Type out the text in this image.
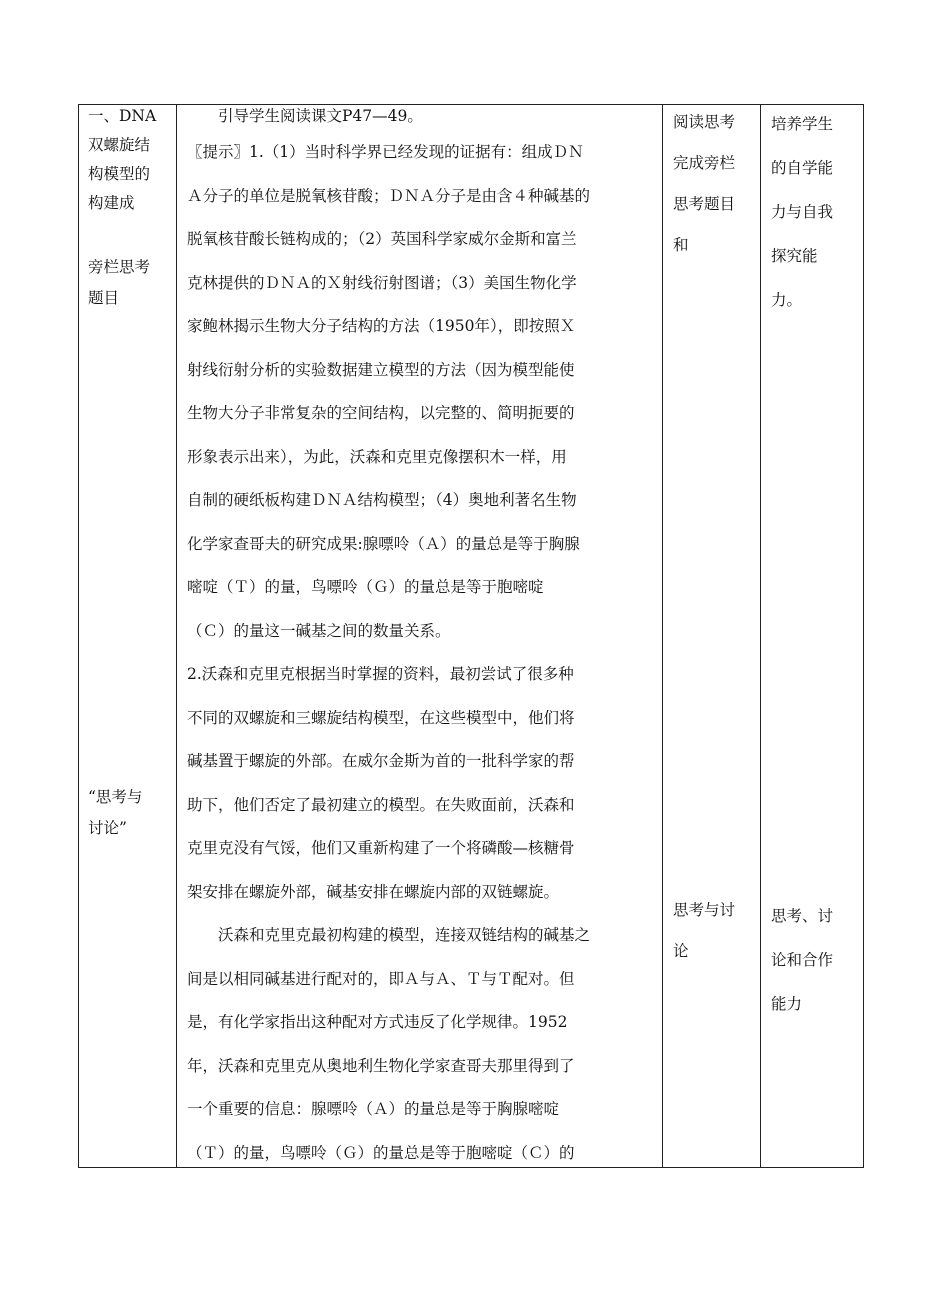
一、DNA

双螺旋结

构模型的

构建成

旁栏思考

题目

“思考与

讨论”

引导学生阅读课文P47—49。

〖提示〗1.（1）当时科学界已经发现的证据有：组成ＤＮ

Ａ分子的单位是脱氧核苷酸；ＤＮＡ分子是由含４种碱基的

脱氧核苷酸长链构成的；（2）英国科学家威尔金斯和富兰

克林提供的ＤＮＡ的Ｘ射线衍射图谱；（3）美国生物化学

家鲍林揭示生物大分子结构的方法（1950年），即按照Ｘ

射线衍射分析的实验数据建立模型的方法（因为模型能使

生物大分子非常复杂的空间结构，以完整的、简明扼要的

形象表示出来），为此，沃森和克里克像摆积木一样，用

自制的硬纸板构建ＤＮＡ结构模型；（4）奥地利著名生物

化学家查哥夫的研究成果:腺嘌呤（Ａ）的量总是等于胸腺

嘧啶（Ｔ）的量，鸟嘌呤（Ｇ）的量总是等于胞嘧啶

（Ｃ）的量这一碱基之间的数量关系。

2.沃森和克里克根据当时掌握的资料，最初尝试了很多种

不同的双螺旋和三螺旋结构模型，在这些模型中，他们将

碱基置于螺旋的外部。在威尔金斯为首的一批科学家的帮

助下，他们否定了最初建立的模型。在失败面前，沃森和

克里克没有气馁，他们又重新构建了一个将磷酸—核糖骨

架安排在螺旋外部，碱基安排在螺旋内部的双链螺旋。

沃森和克里克最初构建的模型，连接双链结构的碱基之

间是以相同碱基进行配对的，即Ａ与Ａ、Ｔ与Ｔ配对。但

是，有化学家指出这种配对方式违反了化学规律。1952

年，沃森和克里克从奥地利生物化学家查哥夫那里得到了

一个重要的信息：腺嘌呤（Ａ）的量总是等于胸腺嘧啶

（Ｔ）的量，鸟嘌呤（Ｇ）的量总是等于胞嘧啶（Ｃ）的

阅读思考

完成旁栏

思考题目

和

思考与讨

论

培养学生

的自学能

力与自我

探究能

力。

思考、讨

论和合作

能力
